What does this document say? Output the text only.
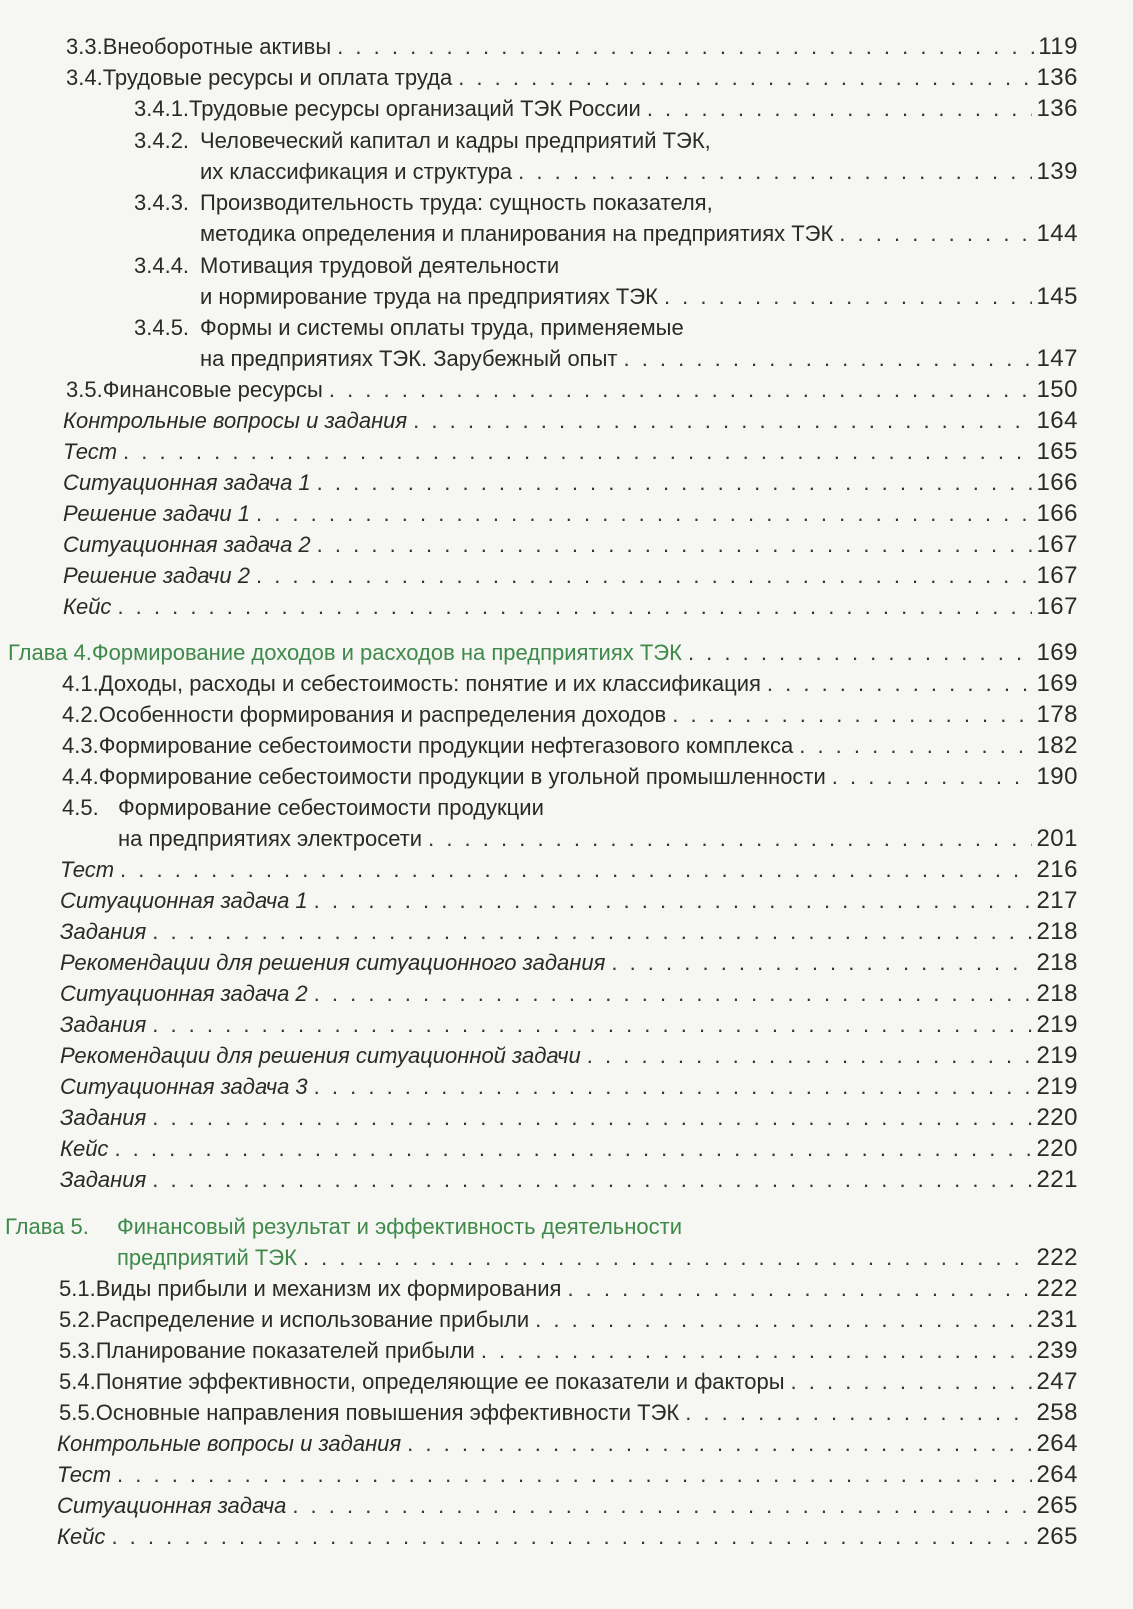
3.3. Внеоборотные активы . . .	119
3.4. Трудовые ресурсы и оплата труда . . .	136
3.4.1. Трудовые ресурсы организаций ТЭК России . . .	136
3.4.2. Человеческий капитал и кадры предприятий ТЭК,
их классификация и структура . . .	139
3.4.3. Производительность труда: сущность показателя,
методика определения и планирования на предприятиях ТЭК . . .	144
3.4.4. Мотивация трудовой деятельности
и нормирование труда на предприятиях ТЭК . . .	145
3.4.5. Формы и системы оплаты труда, применяемые
на предприятиях ТЭК. Зарубежный опыт . . .	147
3.5. Финансовые ресурсы . . .	150
Контрольные вопросы и задания . . .	164
Тест . . .	165
Ситуационная задача 1 . . .	166
Решение задачи 1 . . .	166
Ситуационная задача 2 . . .	167
Решение задачи 2 . . .	167
Кейс . . .	167
Глава 4. Формирование доходов и расходов на предприятиях ТЭК . . .	169
4.1. Доходы, расходы и себестоимость: понятие и их классификация . . .	169
4.2. Особенности формирования и распределения доходов . . .	178
4.3. Формирование себестоимости продукции нефтегазового комплекса . . .	182
4.4. Формирование себестоимости продукции в угольной промышленности . . .	190
4.5. Формирование себестоимости продукции
на предприятиях электросети . . .	201
Тест . . .	216
Ситуационная задача 1 . . .	217
Задания . . .	218
Рекомендации для решения ситуационного задания . . .	218
Ситуационная задача 2 . . .	218
Задания . . .	219
Рекомендации для решения ситуационной задачи . . .	219
Ситуационная задача 3 . . .	219
Задания . . .	220
Кейс . . .	220
Задания . . .	221
Глава 5. Финансовый результат и эффективность деятельности
предприятий ТЭК . . .	222
5.1. Виды прибыли и механизм их формирования . . .	222
5.2. Распределение и использование прибыли . . .	231
5.3. Планирование показателей прибыли . . .	239
5.4. Понятие эффективности, определяющие ее показатели и факторы . . .	247
5.5. Основные направления повышения эффективности ТЭК . . .	258
Контрольные вопросы и задания . . .	264
Тест . . .	264
Ситуационная задача . . .	265
Кейс . . .	265
